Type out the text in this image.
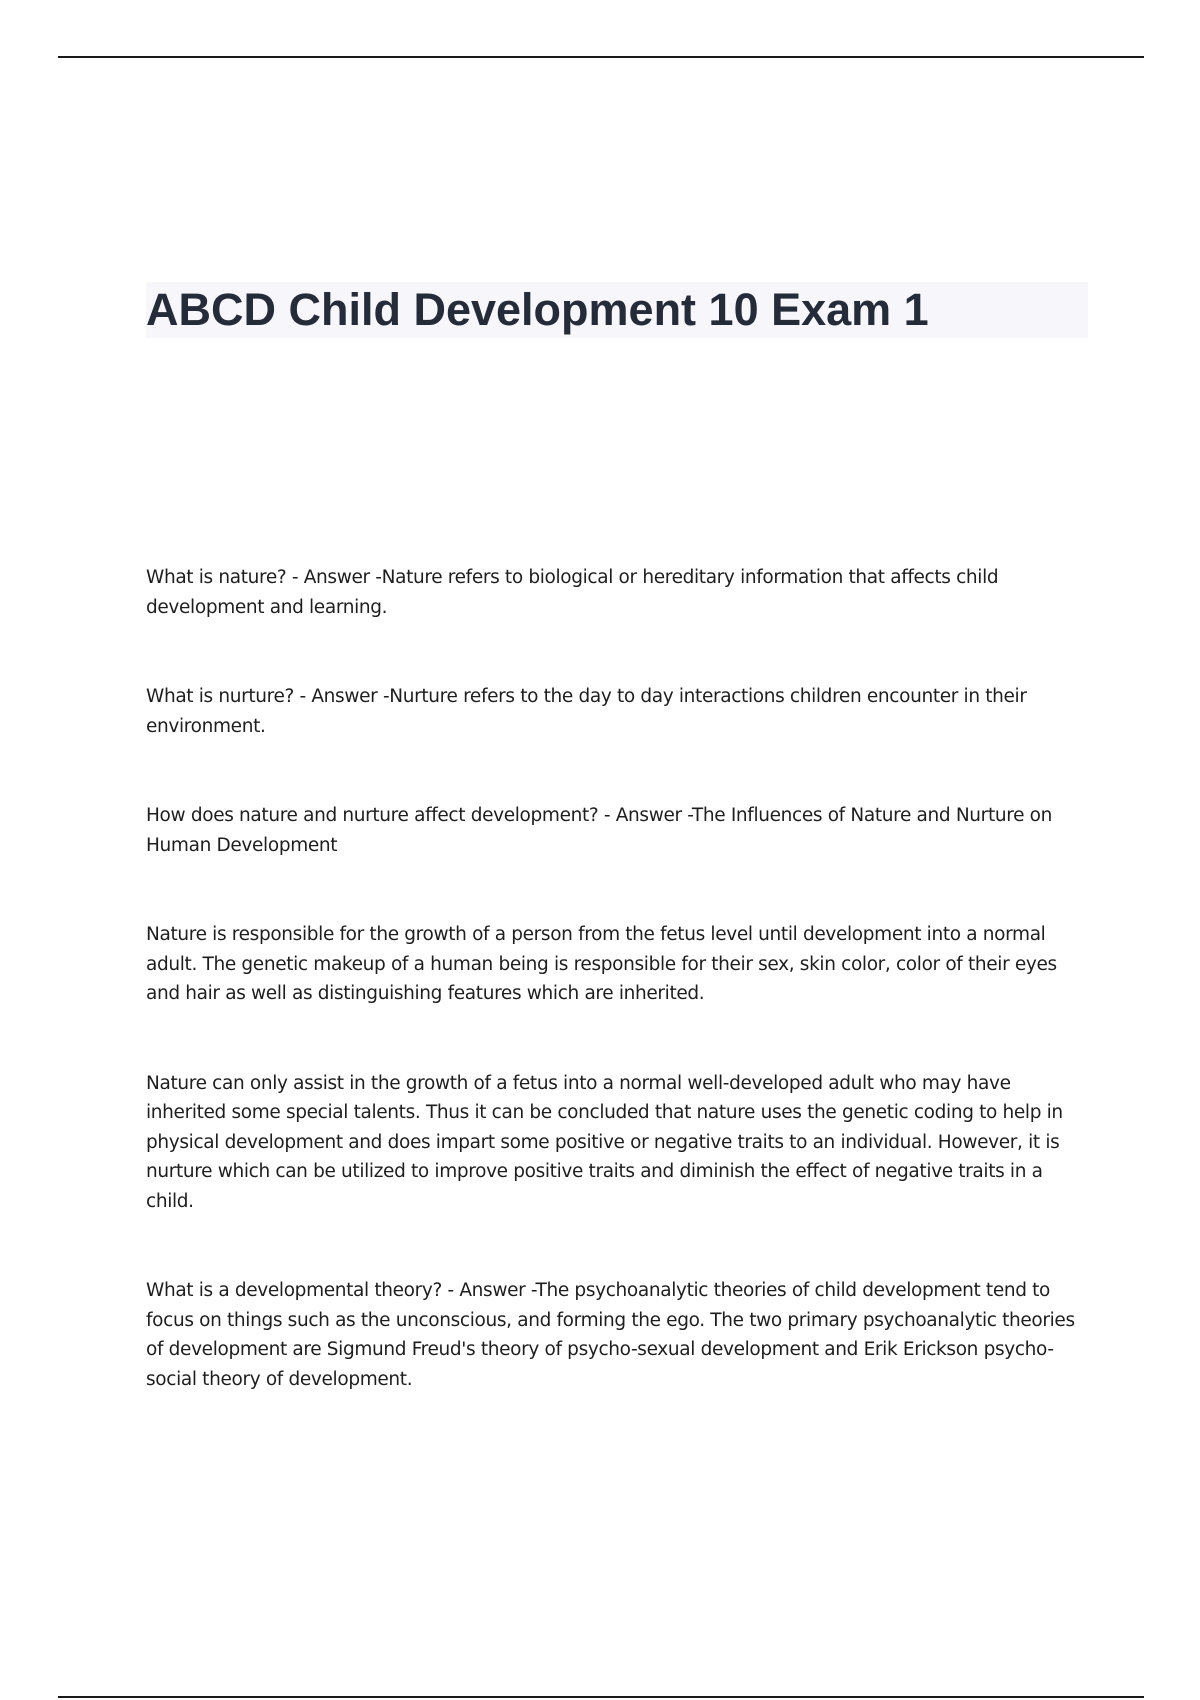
ABCD Child Development 10 Exam 1

What is nature? - Answer -Nature refers to biological or hereditary information that affects child development and learning.

What is nurture? - Answer -Nurture refers to the day to day interactions children encounter in their environment.

How does nature and nurture affect development? - Answer -The Influences of Nature and Nurture on Human Development

Nature is responsible for the growth of a person from the fetus level until development into a normal adult. The genetic makeup of a human being is responsible for their sex, skin color, color of their eyes and hair as well as distinguishing features which are inherited.

Nature can only assist in the growth of a fetus into a normal well-developed adult who may have inherited some special talents. Thus it can be concluded that nature uses the genetic coding to help in physical development and does impart some positive or negative traits to an individual. However, it is nurture which can be utilized to improve positive traits and diminish the effect of negative traits in a child.

What is a developmental theory? - Answer -The psychoanalytic theories of child development tend to focus on things such as the unconscious, and forming the ego. The two primary psychoanalytic theories of development are Sigmund Freud's theory of psycho-sexual development and Erik Erickson psycho-social theory of development.
